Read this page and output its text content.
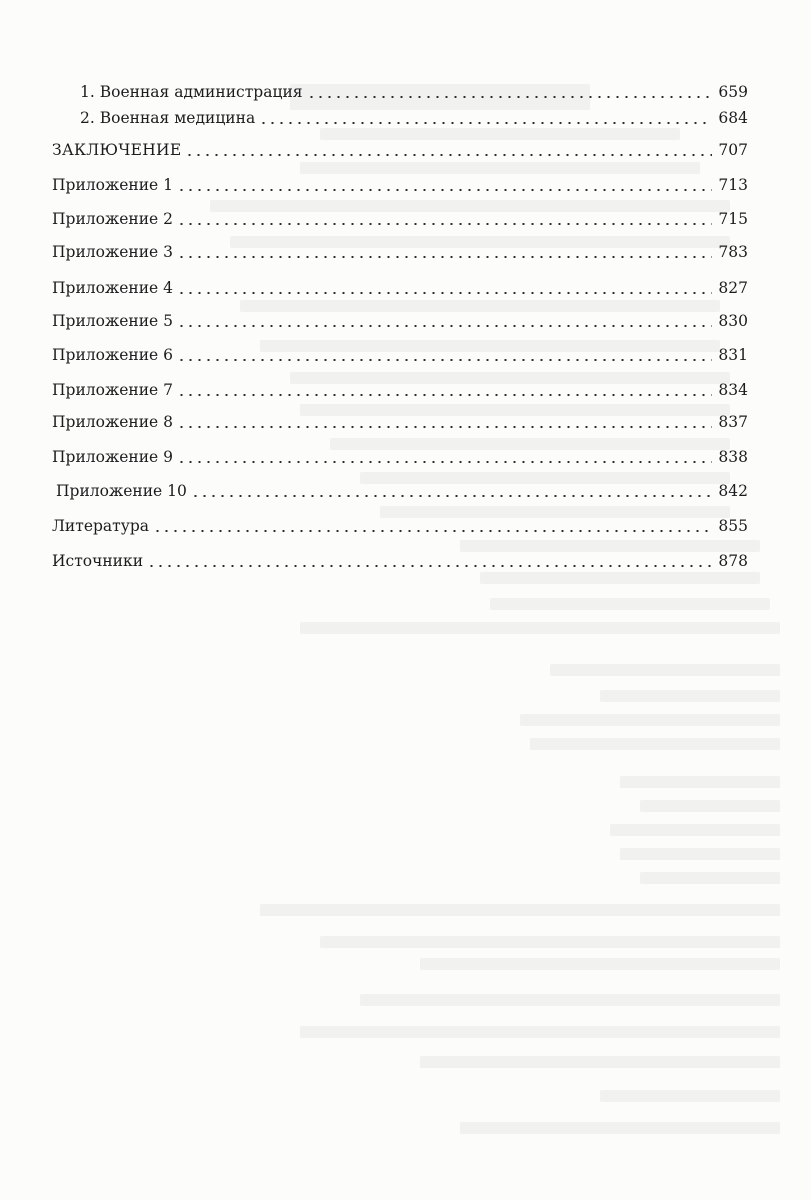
1. Военная администрация	659
2. Военная медицина	684
ЗАКЛЮЧЕНИЕ	707
Приложение 1	713
Приложение 2	715
Приложение 3	783
Приложение 4	827
Приложение 5	830
Приложение 6	831
Приложение 7	834
Приложение 8	837
Приложение 9	838
Приложение 10	842
Литература	855
Источники	878
